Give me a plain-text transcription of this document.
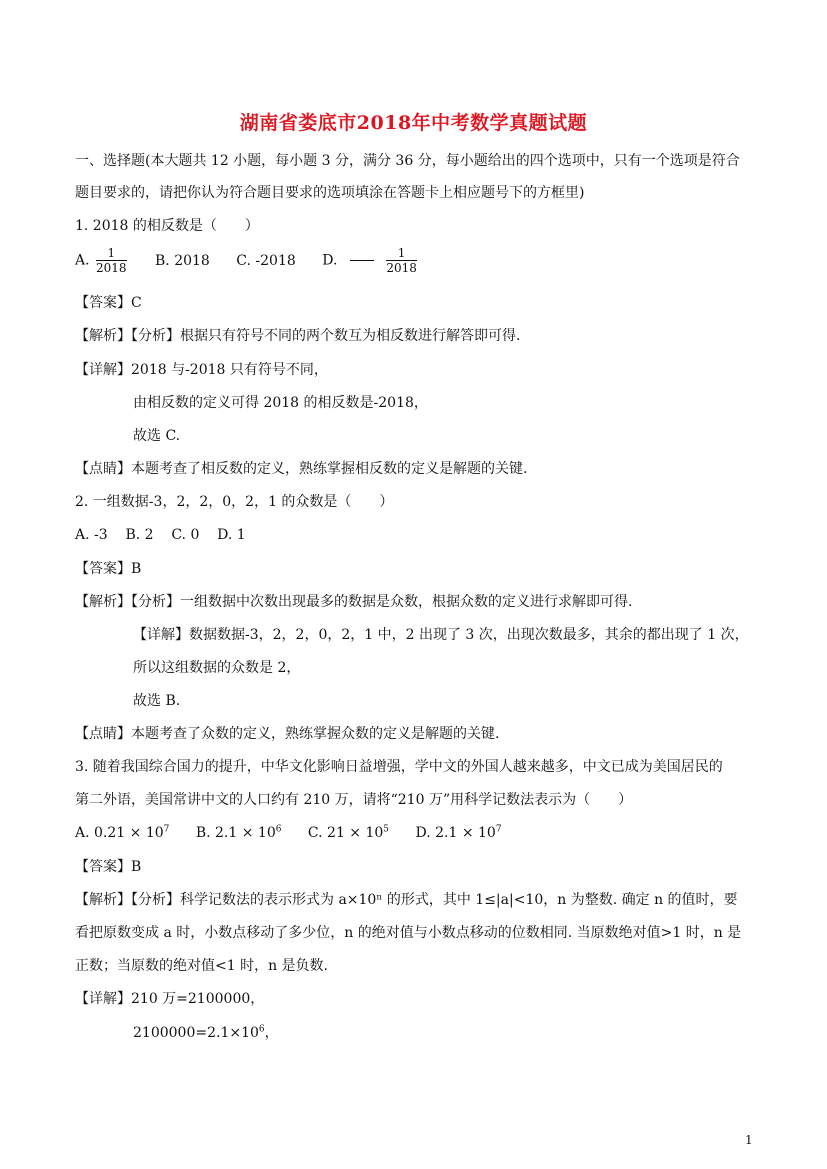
湖南省娄底市2018年中考数学真题试题
一、选择题(本大题共 12 小题，每小题 3 分，满分 36 分，每小题给出的四个选项中，只有一个选项是符合
题目要求的，请把你认为符合题目要求的选项填涂在答题卡上相应题号下的方框里)
1. 2018 的相反数是（　　）
A. $\frac{1}{2018} B$. 2018 C. -2018 D.	$\frac{1}{2018}$
【答案】C
【解析】【分析】根据只有符号不同的两个数互为相反数进行解答即可得.
【详解】2018 与-2018 只有符号不同，
由相反数的定义可得 2018 的相反数是-2018，
故选 C.
【点睛】本题考查了相反数的定义，熟练掌握相反数的定义是解题的关键.
2. 一组数据-3，2，2，0，2，1 的众数是（　　）
A. -3    B. 2    C. 0    D. 1
【答案】B
【解析】【分析】一组数据中次数出现最多的数据是众数，根据众数的定义进行求解即可得.
【详解】数据数据-3，2，2，0，2，1 中，2 出现了 3 次，出现次数最多，其余的都出现了 1 次，
所以这组数据的众数是 2，
故选 B.
【点睛】本题考查了众数的定义，熟练掌握众数的定义是解题的关键.
3. 随着我国综合国力的提升，中华文化影响日益增强，学中文的外国人越来越多，中文已成为美国居民的
第二外语，美国常讲中文的人口约有 210 万，请将“210 万”用科学记数法表示为（　　）
A. $0.21 \times 10^7$ B. $2.1 \times 10^6$ C. $21 \times 10^5$ D. $2.1 \times 10^7$
【答案】B
【解析】【分析】科学记数法的表示形式为 a×10ⁿ 的形式，其中 1≤|a|<10，n 为整数. 确定 n 的值时，要
看把原数变成 a 时，小数点移动了多少位，n 的绝对值与小数点移动的位数相同. 当原数绝对值>1 时，n 是
正数；当原数的绝对值<1 时，n 是负数.
【详解】210 万=2100000，
$2100000=2.1\times 10^6$，
1
